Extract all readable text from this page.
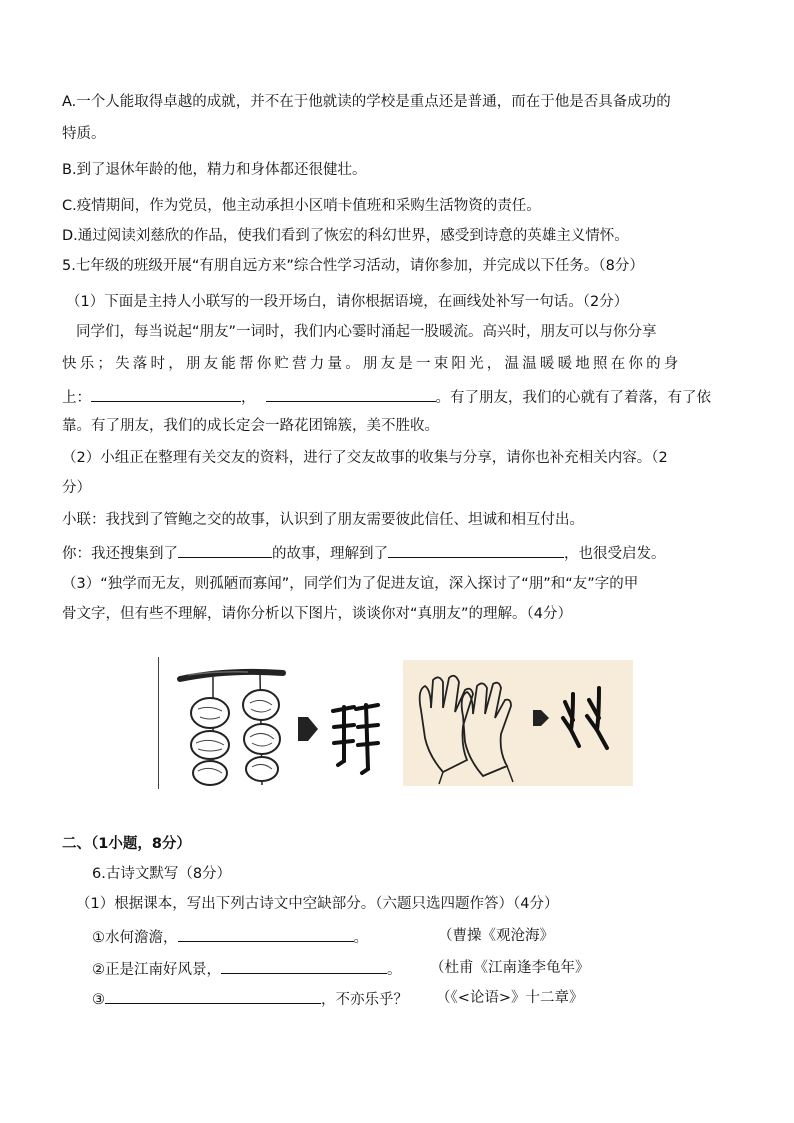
A.一个人能取得卓越的成就，并不在于他就读的学校是重点还是普通，而在于他是否具备成功的
特质。
B.到了退休年龄的他，精力和身体都还很健壮。
C.疫情期间，作为党员，他主动承担小区哨卡值班和采购生活物资的责任。
D.通过阅读刘慈欣的作品，使我们看到了恢宏的科幻世界，感受到诗意的英雄主义情怀。
5.七年级的班级开展“有朋自远方来”综合性学习活动，请你参加，并完成以下任务。（8分）
（1）下面是主持人小联写的一段开场白，请你根据语境，在画线处补写一句话。（2分）
同学们，每当说起“朋友”一词时，我们内心霎时涌起一股暖流。高兴时，朋友可以与你分享
快乐；失落时，朋友能帮你贮营力量。朋友是一束阳光，温温暖暖地照在你的身
上：	，	。有了朋友，我们的心就有了着落，有了依
靠。有了朋友，我们的成长定会一路花团锦簇，美不胜收。
（2）小组正在整理有关交友的资料，进行了交友故事的收集与分享，请你也补充相关内容。（2
分）
小联：我找到了管鲍之交的故事，认识到了朋友需要彼此信任、坦诚和相互付出。
你：我还搜集到了	的故事，理解到了	，也很受启发。
（3）“独学而无友，则孤陋而寡闻”，同学们为了促进友谊，深入探讨了“朋”和“友”字的甲
骨文字，但有些不理解，请你分析以下图片，谈谈你对“真朋友”的理解。（4分）
二、（1小题，8分）
6.古诗文默写（8分）
（1）根据课本，写出下列古诗文中空缺部分。（六题只选四题作答）（4分）
①水何澹澹，	。	（曹操《观沧海》
②正是江南好风景，	。 （杜甫《江南逢李龟年》
③	，不亦乐乎？ （《<论语>》十二章》
